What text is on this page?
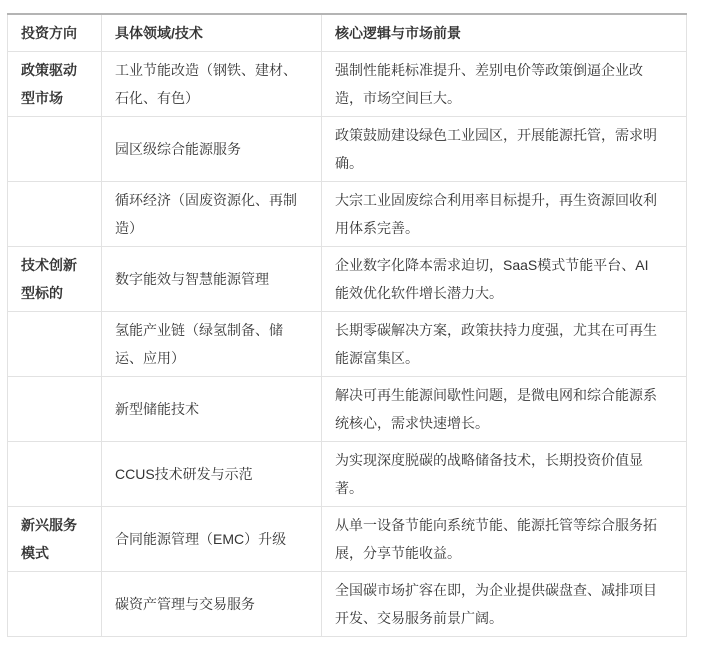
投资方向	具体领域/技术	核心逻辑与市场前景
政策驱动型市场	工业节能改造（钢铁、建材、石化、有色）	强制性能耗标准提升、差别电价等政策倒逼企业改造，市场空间巨大。
	园区级综合能源服务	政策鼓励建设绿色工业园区，开展能源托管，需求明确。
	循环经济（固废资源化、再制造）	大宗工业固废综合利用率目标提升，再生资源回收利用体系完善。
技术创新型标的	数字能效与智慧能源管理	企业数字化降本需求迫切，SaaS模式节能平台、AI能效优化软件增长潜力大。
	氢能产业链（绿氢制备、储运、应用）	长期零碳解决方案，政策扶持力度强，尤其在可再生能源富集区。
	新型储能技术	解决可再生能源间歇性问题，是微电网和综合能源系统核心，需求快速增长。
	CCUS技术研发与示范	为实现深度脱碳的战略储备技术，长期投资价值显著。
新兴服务模式	合同能源管理（EMC）升级	从单一设备节能向系统节能、能源托管等综合服务拓展，分享节能收益。
	碳资产管理与交易服务	全国碳市场扩容在即，为企业提供碳盘查、减排项目开发、交易服务前景广阔。
